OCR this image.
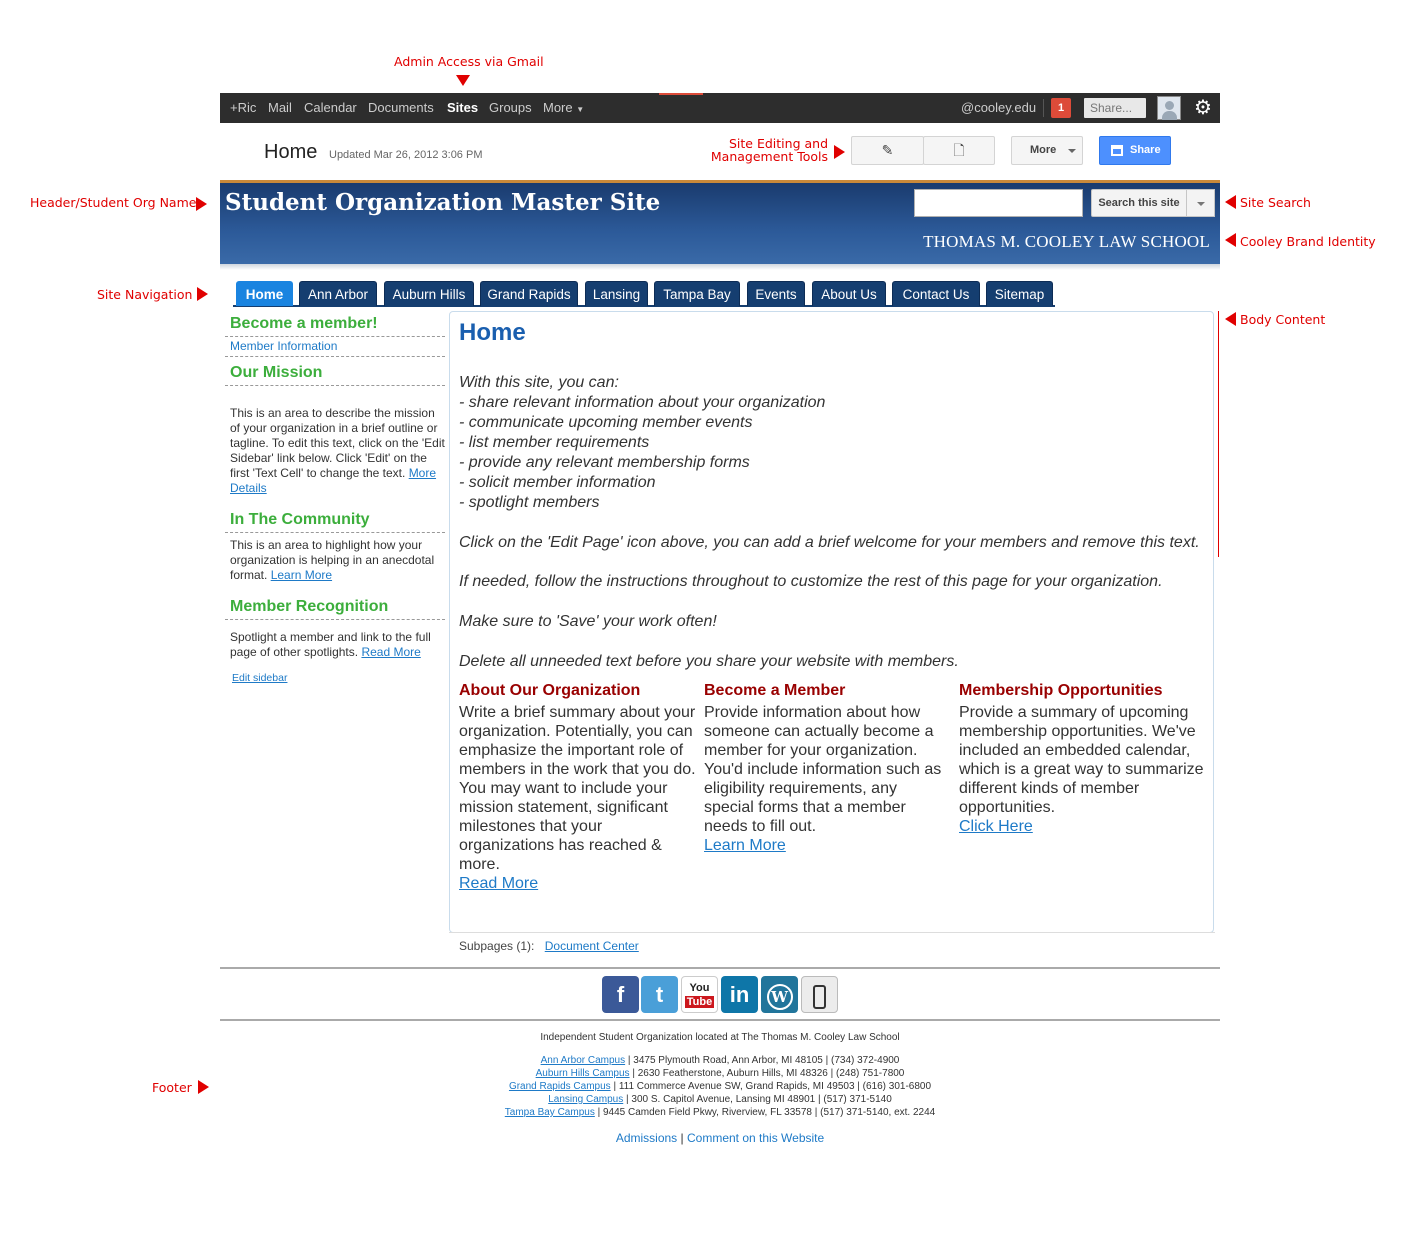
Admin Access via Gmail
Site Editing and
Management Tools
Header/Student Org Name	Site Search
Cooley Brand Identity
Site Navigation
Body Content
Footer
+Ric Mail Calendar Documents Sites Groups More ▼	@cooley.edu	1	Share...	⚙
Home Updated Mar 26, 2012 3:06 PM	✎	🗋	More	Share
Student Organization Master Site	Search this site
THOMAS M. COOLEY LAW SCHOOL
Home	Ann Arbor	Auburn Hills	Grand Rapids	Lansing	Tampa Bay	Events	About Us	Contact Us	Sitemap
Become a member!
Member Information
Our Mission
This is an area to describe the mission of your organization in a brief outline or tagline. To edit this text, click on the 'Edit Sidebar' link below. Click 'Edit' on the first 'Text Cell' to change the text. More Details
In The Community
This is an area to highlight how your organization is helping in an anecdotal format. Learn More
Member Recognition
Spotlight a member and link to the full page of other spotlights. Read More
Edit sidebar
Home
With this site, you can:
- share relevant information about your organization
- communicate upcoming member events
- list member requirements
- provide any relevant membership forms
- solicit member information
- spotlight members
Click on the 'Edit Page' icon above, you can add a brief welcome for your members and remove this text.
If needed, follow the instructions throughout to customize the rest of this page for your organization.
Make sure to 'Save' your work often!
Delete all unneeded text before you share your website with members.
About Our Organization
Write a brief summary about your organization. Potentially, you can emphasize the important role of members in the work that you do. You may want to include your mission statement, significant milestones that your organizations has reached & more.
Read More
Become a Member
Provide information about how someone can actually become a member for your organization. You'd include information such as eligibility requirements, any special forms that a member needs to fill out.
Learn More
Membership Opportunities
Provide a summary of upcoming membership opportunities. We've included an embedded calendar, which is a great way to summarize different kinds of member opportunities.
Click Here
Subpages (1): Document Center
f	t	You
Tube in	W
Independent Student Organization located at The Thomas M. Cooley Law School
Ann Arbor Campus | 3475 Plymouth Road, Ann Arbor, MI 48105 | (734) 372-4900
Auburn Hills Campus | 2630 Featherstone, Auburn Hills, MI 48326 | (248) 751-7800
Grand Rapids Campus | 111 Commerce Avenue SW, Grand Rapids, MI 49503 | (616) 301-6800
Lansing Campus | 300 S. Capitol Avenue, Lansing MI 48901 | (517) 371-5140
Tampa Bay Campus | 9445 Camden Field Pkwy, Riverview, FL 33578 | (517) 371-5140, ext. 2244
Admissions | Comment on this Website
